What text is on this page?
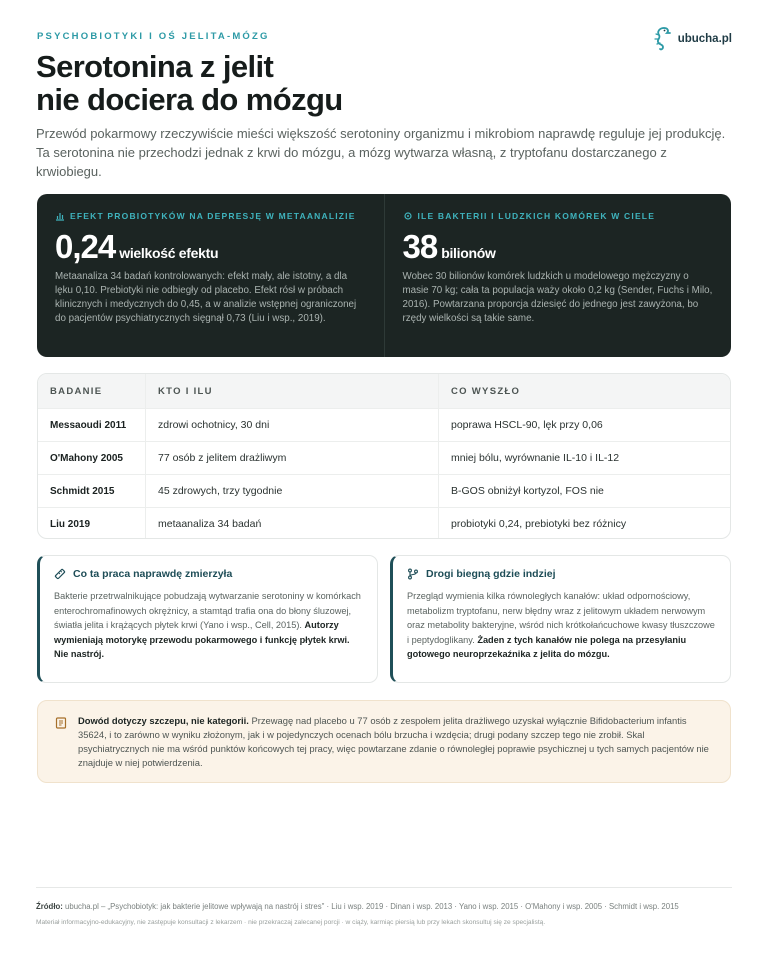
PSYCHOBIOTYKI I OŚ JELITA-MÓZG	ubucha.pl
Serotonina z jelit
nie dociera do mózgu

Przewód pokarmowy rzeczywiście mieści większość serotoniny organizmu i mikrobiom naprawdę reguluje jej produkcję. Ta serotonina nie przechodzi jednak z krwi do mózgu, a mózg wytwarza własną, z tryptofanu dostarczanego z krwiobiegu.

EFEKT PROBIOTYKÓW NA DEPRESJĘ W METAANALIZIE
0,24 wielkość efektu

Metaanaliza 34 badań kontrolowanych: efekt mały, ale istotny, a dla lęku 0,10. Prebiotyki nie odbiegły od placebo. Efekt rósł w próbach klinicznych i medycznych do 0,45, a w analizie wstępnej ograniczonej do pacjentów psychiatrycznych sięgnął 0,73 (Liu i wsp., 2019).

ILE BAKTERII I LUDZKICH KOMÓREK W CIELE
38 bilionów

Wobec 30 bilionów komórek ludzkich u modelowego mężczyzny o masie 70 kg; cała ta populacja waży około 0,2 kg (Sender, Fuchs i Milo, 2016). Powtarzana proporcja dziesięć do jednego jest zawyżona, bo rzędy wielkości są takie same.

BADANIE	KTO I ILU	CO WYSZŁO
Messaoudi 2011	zdrowi ochotnicy, 30 dni	poprawa HSCL-90, lęk przy 0,06
O'Mahony 2005	77 osób z jelitem drażliwym	mniej bólu, wyrównanie IL-10 i IL-12
Schmidt 2015	45 zdrowych, trzy tygodnie	B-GOS obniżył kortyzol, FOS nie
Liu 2019	metaanaliza 34 badań	probiotyki 0,24, prebiotyki bez różnicy
Co ta praca naprawdę zmierzyła

Bakterie przetrwalnikujące pobudzają wytwarzanie serotoniny w komórkach enterochromafinowych okrężnicy, a stamtąd trafia ona do błony śluzowej, światła jelita i krążących płytek krwi (Yano i wsp., Cell, 2015). Autorzy wymieniają motorykę przewodu pokarmowego i funkcję płytek krwi. Nie nastrój.

Drogi biegną gdzie indziej

Przegląd wymienia kilka równoległych kanałów: układ odpornościowy, metabolizm tryptofanu, nerw błędny wraz z jelitowym układem nerwowym oraz metabolity bakteryjne, wśród nich krótkołańcuchowe kwasy tłuszczowe i peptydoglikany. Żaden z tych kanałów nie polega na przesyłaniu gotowego neuroprzekaźnika z jelita do mózgu.

Dowód dotyczy szczepu, nie kategorii. Przewagę nad placebo u 77 osób z zespołem jelita drażliwego uzyskał wyłącznie Bifidobacterium infantis 35624, i to zarówno w wyniku złożonym, jak i w pojedynczych ocenach bólu brzucha i wzdęcia; drugi podany szczep tego nie zrobił. Skal psychiatrycznych nie ma wśród punktów końcowych tej pracy, więc powtarzane zdanie o równoległej poprawie psychicznej u tych samych pacjentów nie znajduje w niej potwierdzenia.

Źródło: ubucha.pl – „Psychobiotyk: jak bakterie jelitowe wpływają na nastrój i stres" · Liu i wsp. 2019 · Dinan i wsp. 2013 · Yano i wsp. 2015 · O'Mahony i wsp. 2005 · Schmidt i wsp. 2015

Materiał informacyjno-edukacyjny, nie zastępuje konsultacji z lekarzem · nie przekraczaj zalecanej porcji · w ciąży, karmiąc piersią lub przy lekach skonsultuj się ze specjalistą.
